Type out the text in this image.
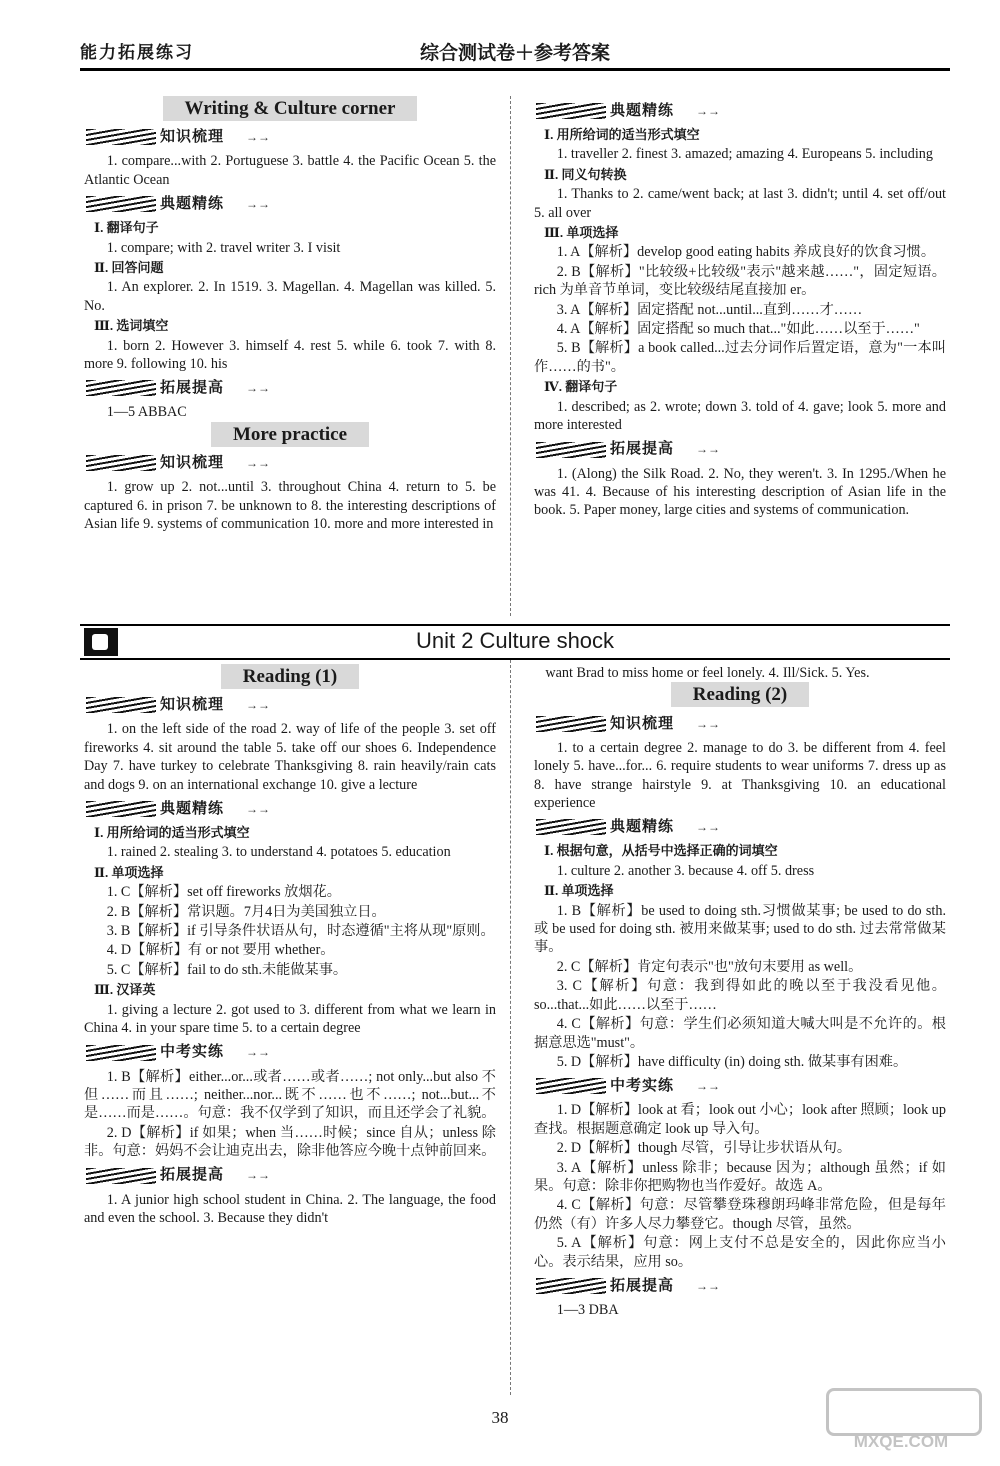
能力拓展练习	综合测试卷＋参考答案
Writing & Culture corner
知识梳理 →→
1. compare...with 2. Portuguese 3. battle 4. the Pacific Ocean 5. the Atlantic Ocean
典题精练 →→
Ⅰ. 翻译句子
1. compare; with 2. travel writer 3. I visit
Ⅱ. 回答问题
1. An explorer. 2. In 1519. 3. Magellan. 4. Magellan was killed. 5. No.
Ⅲ. 选词填空
1. born 2. However 3. himself 4. rest 5. while 6. took 7. with 8. more 9. following 10. his
拓展提高 →→
1—5 ABBAC
More practice
知识梳理 →→
1. grow up 2. not...until 3. throughout China 4. return to 5. be captured 6. in prison 7. be unknown to 8. the interesting descriptions of Asian life 9. systems of communication 10. more and more interested in
典题精练 →→
Ⅰ. 用所给词的适当形式填空
1. traveller 2. finest 3. amazed; amazing 4. Europeans 5. including
Ⅱ. 同义句转换
1. Thanks to 2. came/went back; at last 3. didn't; until 4. set off/out 5. all over
Ⅲ. 单项选择
1. A【解析】develop good eating habits 养成良好的饮食习惯。
2. B【解析】"比较级+比较级"表示"越来越……"，固定短语。rich 为单音节单词，变比较级结尾直接加 er。
3. A【解析】固定搭配 not...until...直到……才……
4. A【解析】固定搭配 so much that..."如此……以至于……"
5. B【解析】a book called...过去分词作后置定语，意为"一本叫作……的书"。
Ⅳ. 翻译句子
1. described; as 2. wrote; down 3. told of 4. gave; look 5. more and more interested
拓展提高 →→
1. (Along) the Silk Road. 2. No, they weren't. 3. In 1295./When he was 41. 4. Because of his interesting description of Asian life in the book. 5. Paper money, large cities and systems of communication.
Unit 2 Culture shock
Reading (1)
知识梳理 →→
1. on the left side of the road 2. way of life of the people 3. set off fireworks 4. sit around the table 5. take off our shoes 6. Independence Day 7. have turkey to celebrate Thanksgiving 8. rain heavily/rain cats and dogs 9. on an international exchange 10. give a lecture
典题精练 →→
Ⅰ. 用所给词的适当形式填空
1. rained 2. stealing 3. to understand 4. potatoes 5. education
Ⅱ. 单项选择
1. C【解析】set off fireworks 放烟花。
2. B【解析】常识题。7月4日为美国独立日。
3. B【解析】if 引导条件状语从句，时态遵循"主将从现"原则。
4. D【解析】有 or not 要用 whether。
5. C【解析】fail to do sth.未能做某事。
Ⅲ. 汉译英
1. giving a lecture 2. got used to 3. different from what we learn in China 4. in your spare time 5. to a certain degree
中考实练 →→
1. B【解析】either...or...或者……或者……; not only...but also 不但……而且……; neither...nor...既不……也不……; not...but...不是……而是……。句意：我不仅学到了知识，而且还学会了礼貌。
2. D【解析】if 如果；when 当……时候；since 自从；unless 除非。句意：妈妈不会让迪克出去，除非他答应今晚十点钟前回来。
拓展提高 →→
1. A junior high school student in China. 2. The language, the food and even the school. 3. Because they didn't
want Brad to miss home or feel lonely. 4. Ill/Sick. 5. Yes.
Reading (2)
知识梳理 →→
1. to a certain degree 2. manage to do 3. be different from 4. feel lonely 5. have...for... 6. require students to wear uniforms 7. dress up as 8. have strange hairstyle 9. at Thanksgiving 10. an educational experience
典题精练 →→
Ⅰ. 根据句意，从括号中选择正确的词填空
1. culture 2. another 3. because 4. off 5. dress
Ⅱ. 单项选择
1. B【解析】be used to doing sth.习惯做某事; be used to do sth. 或 be used for doing sth. 被用来做某事; used to do sth. 过去常常做某事。
2. C【解析】肯定句表示"也"放句末要用 as well。
3. C【解析】句意：我到得如此的晚以至于我没看见他。so...that...如此……以至于……
4. C【解析】句意：学生们必须知道大喊大叫是不允许的。根据意思选"must"。
5. D【解析】have difficulty (in) doing sth. 做某事有困难。
中考实练 →→
1. D【解析】look at 看；look out 小心；look after 照顾；look up 查找。根据题意确定 look up 导入句。
2. D【解析】though 尽管，引导让步状语从句。
3. A【解析】unless 除非；because 因为；although 虽然；if 如果。句意：除非你把购物也当作爱好。故选 A。
4. C【解析】句意：尽管攀登珠穆朗玛峰非常危险，但是每年仍然（有）许多人尽力攀登它。though 尽管，虽然。
5. A【解析】句意：网上支付不总是安全的，因此你应当小心。表示结果，应用 so。
拓展提高 →→
1—3 DBA
38
MXQE.COM
